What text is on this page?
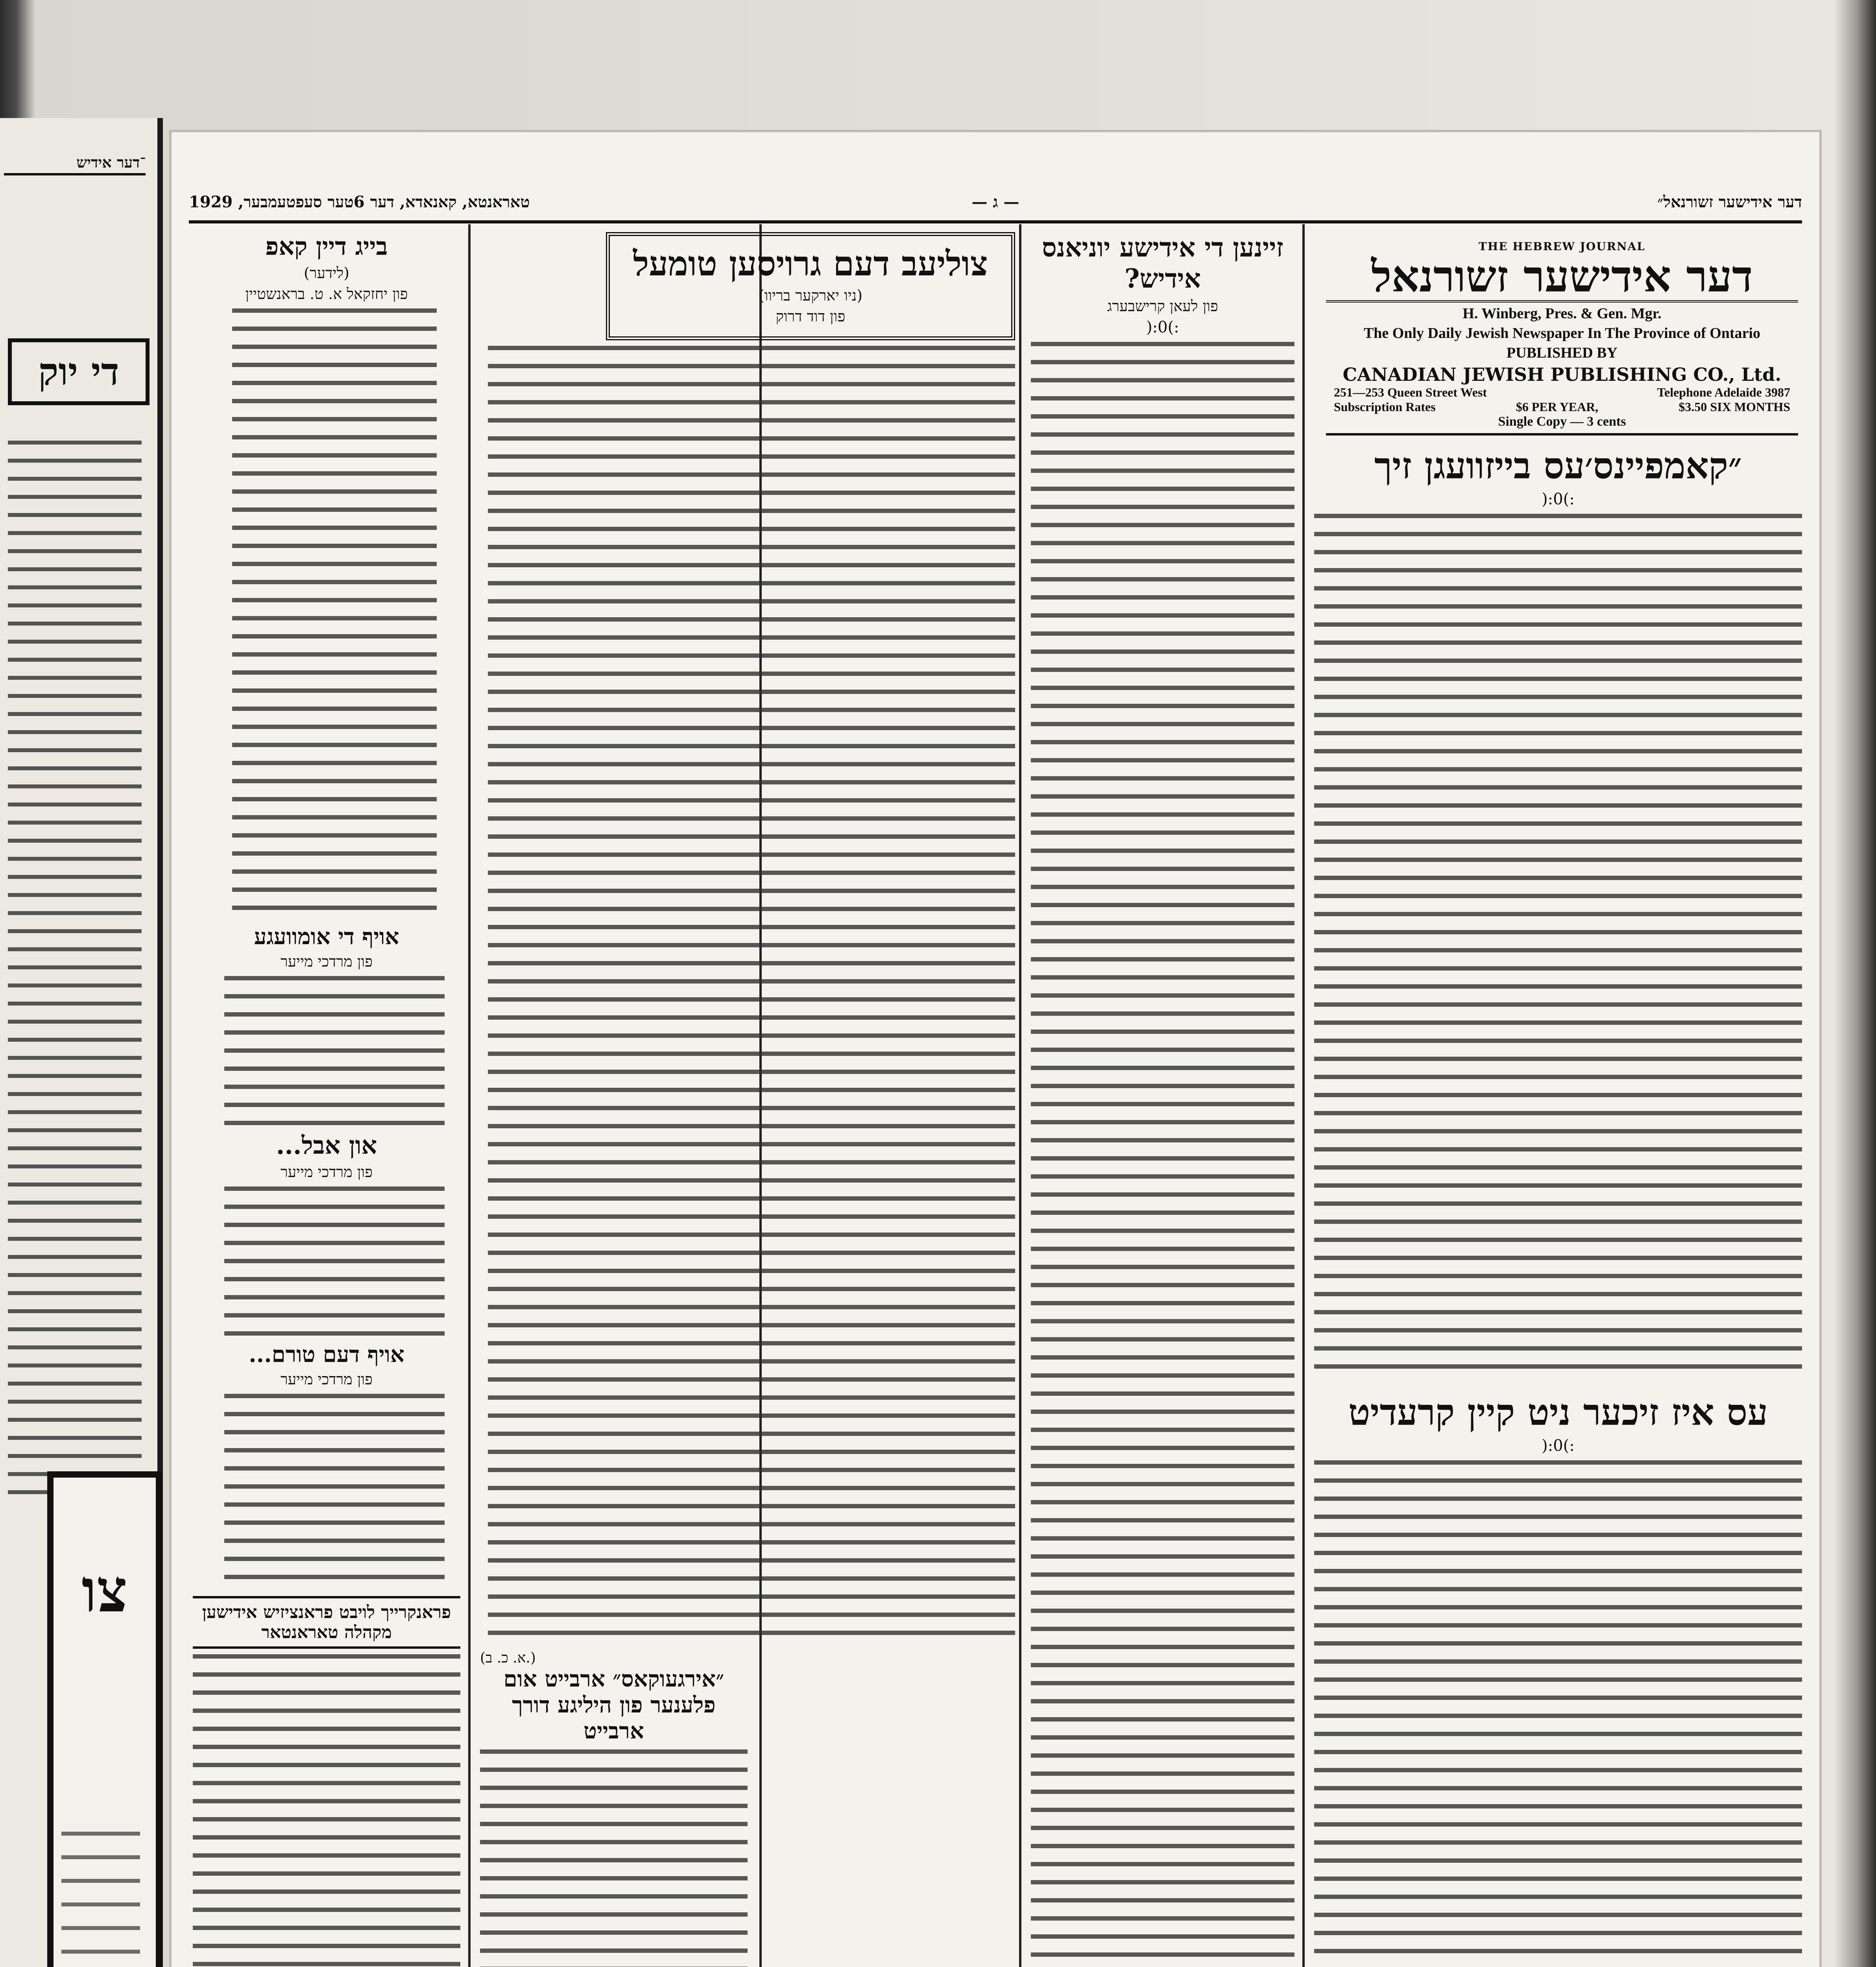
־דער אידיש
די יוק
צו
דער אידישער זשורנאל״
— ג —
טאראנטא, קאנאדא, דער 6טער סעפטעמבער, 1929
THE HEBREW JOURNAL
דער אידישער זשורנאל
H. Winberg, Pres. & Gen. Mgr.
The Only Daily Jewish Newspaper In The Province of Ontario
PUBLISHED BY
CANADIAN JEWISH PUBLISHING CO., Ltd.
251—253 Queen Street West	Telephone Adelaide 3987
Subscription Rates	$6 PER YEAR,	$3.50 SIX MONTHS
Single Copy — 3 cents
״קאמפיינס׳עס בייזוועגן זיך
:)0:(
עס איז זיכער ניט קיין קרעדיט
:)0:(
זיינען די אידישע יוניאנס אידיש?
פון לעאן קרישבערג
:)0:(
צוליעב דעם גרויסען טומעל
(ניו יארקער בריוו)
פון דוד דרוק
(א. כ. ב.)
״אירגעוקאס״ ארבייט אום פלענער פון היליגע דורך ארבייט
בייג דיין קאפ
(לידער)
פון יחזקאל א. ט. בראנשטיין
אויף די אומוועגע
פון מרדכי מייער
און אבל...
פון מרדכי מייער
אויף דעם טורם...
פון מרדכי מייער
פראנקרייך לויבט פראנציזיש אידישען מקהלה טאראנטאר
